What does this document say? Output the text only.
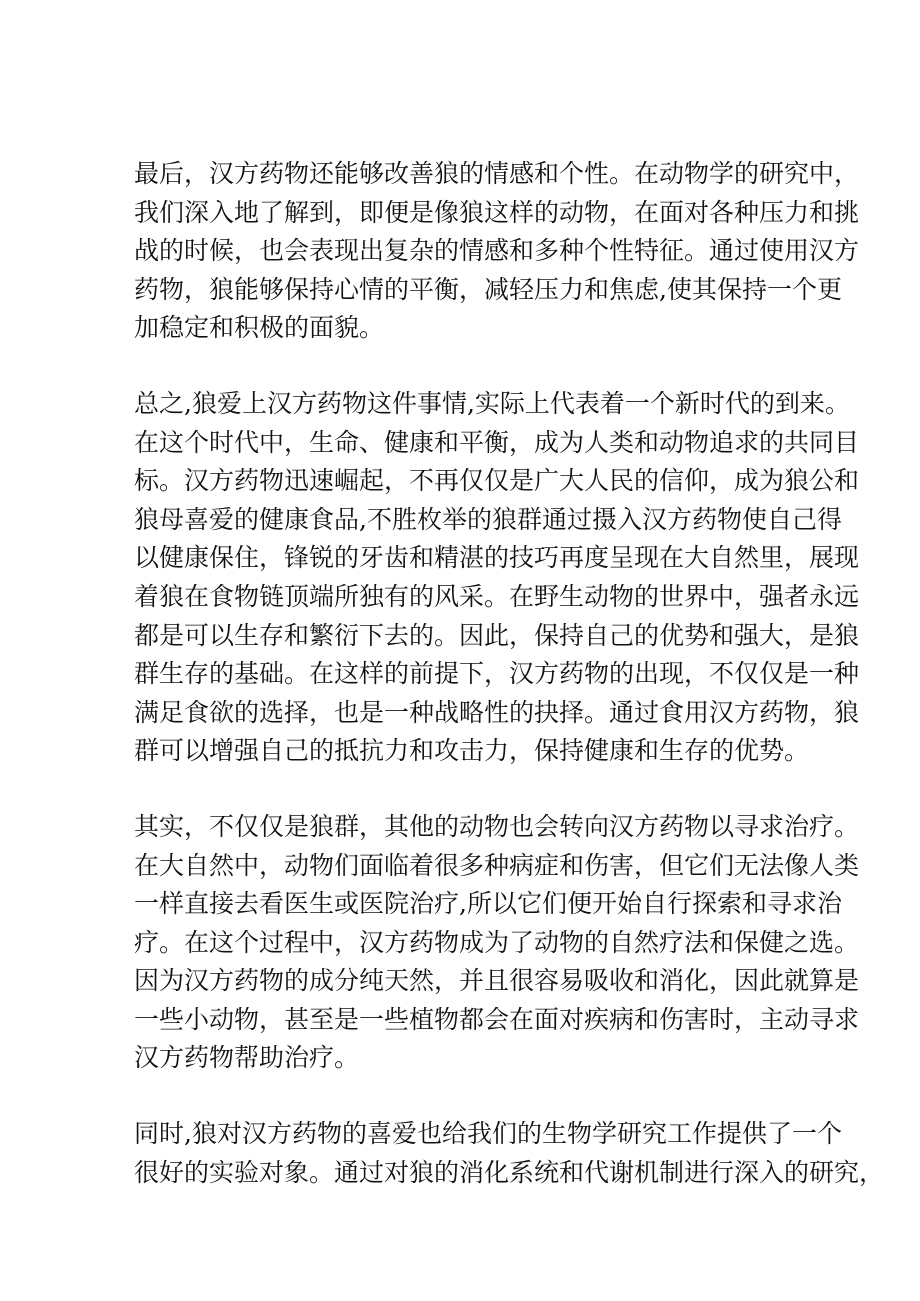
最后，汉方药物还能够改善狼的情感和个性。在动物学的研究中，
我们深入地了解到，即便是像狼这样的动物，在面对各种压力和挑
战的时候，也会表现出复杂的情感和多种个性特征。通过使用汉方
药物，狼能够保持心情的平衡，减轻压力和焦虑,使其保持一个更
加稳定和积极的面貌。

总之,狼爱上汉方药物这件事情,实际上代表着一个新时代的到来。
在这个时代中，生命、健康和平衡，成为人类和动物追求的共同目
标。汉方药物迅速崛起，不再仅仅是广大人民的信仰，成为狼公和
狼母喜爱的健康食品,不胜枚举的狼群通过摄入汉方药物使自己得
以健康保住，锋锐的牙齿和精湛的技巧再度呈现在大自然里，展现
着狼在食物链顶端所独有的风采。在野生动物的世界中，强者永远
都是可以生存和繁衍下去的。因此，保持自己的优势和强大，是狼
群生存的基础。在这样的前提下，汉方药物的出现，不仅仅是一种
满足食欲的选择，也是一种战略性的抉择。通过食用汉方药物，狼
群可以增强自己的抵抗力和攻击力，保持健康和生存的优势。

其实，不仅仅是狼群，其他的动物也会转向汉方药物以寻求治疗。
在大自然中，动物们面临着很多种病症和伤害，但它们无法像人类
一样直接去看医生或医院治疗,所以它们便开始自行探索和寻求治
疗。在这个过程中，汉方药物成为了动物的自然疗法和保健之选。
因为汉方药物的成分纯天然，并且很容易吸收和消化，因此就算是
一些小动物，甚至是一些植物都会在面对疾病和伤害时，主动寻求
汉方药物帮助治疗。

同时,狼对汉方药物的喜爱也给我们的生物学研究工作提供了一个
很好的实验对象。通过对狼的消化系统和代谢机制进行深入的研究，
